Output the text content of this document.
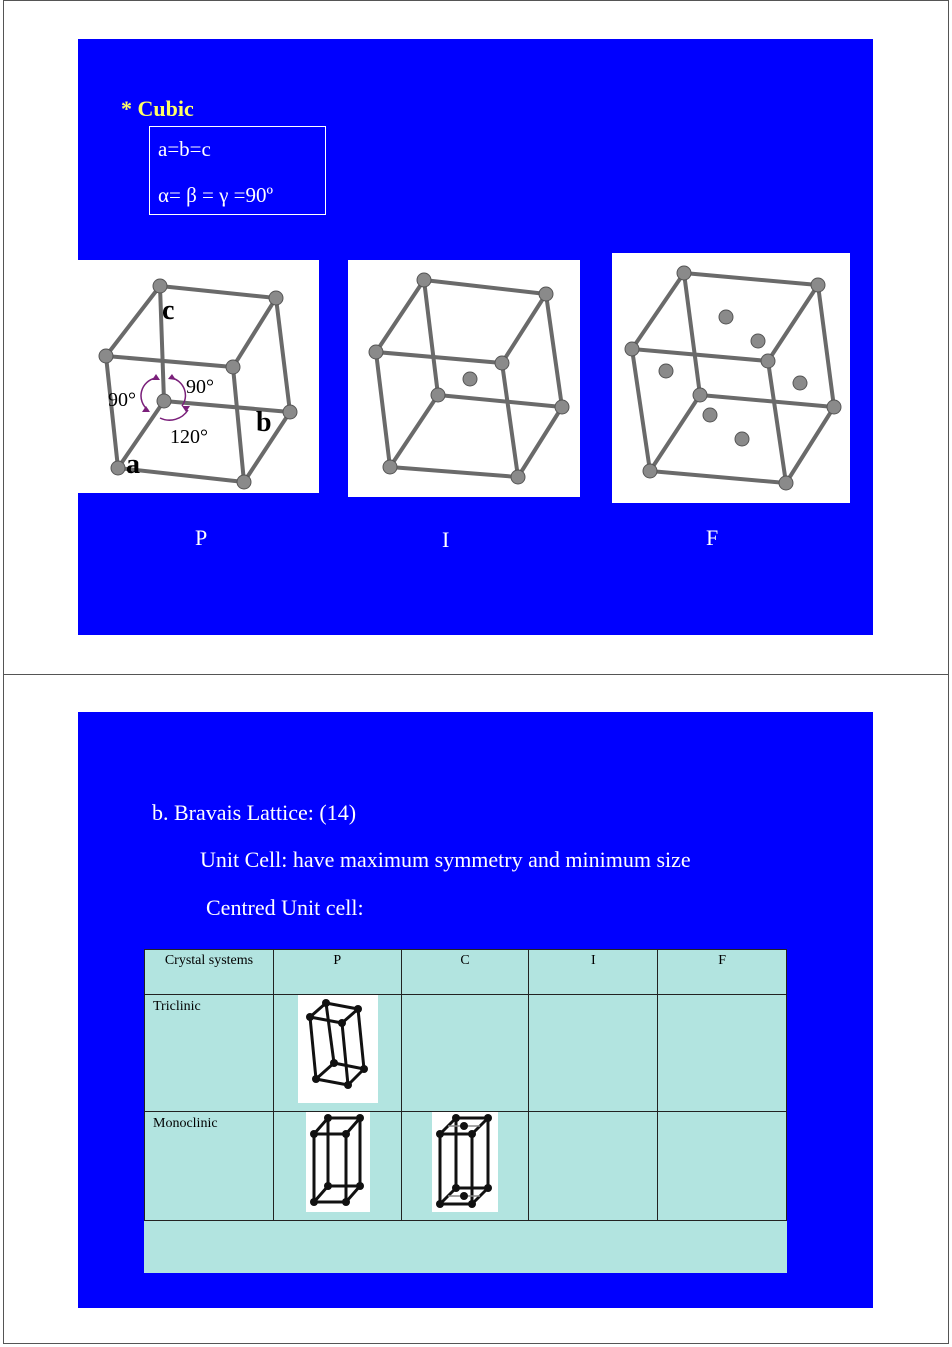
* Cubic
a=b=c
α= β = γ =90º
c
b
a
90°
90°
120°
P	I	F
b. Bravais Lattice: (14)
Unit Cell: have maximum symmetry and minimum size
Centred Unit cell:
Crystal systems	P	C	I	F
Triclinic	

Monoclinic	
